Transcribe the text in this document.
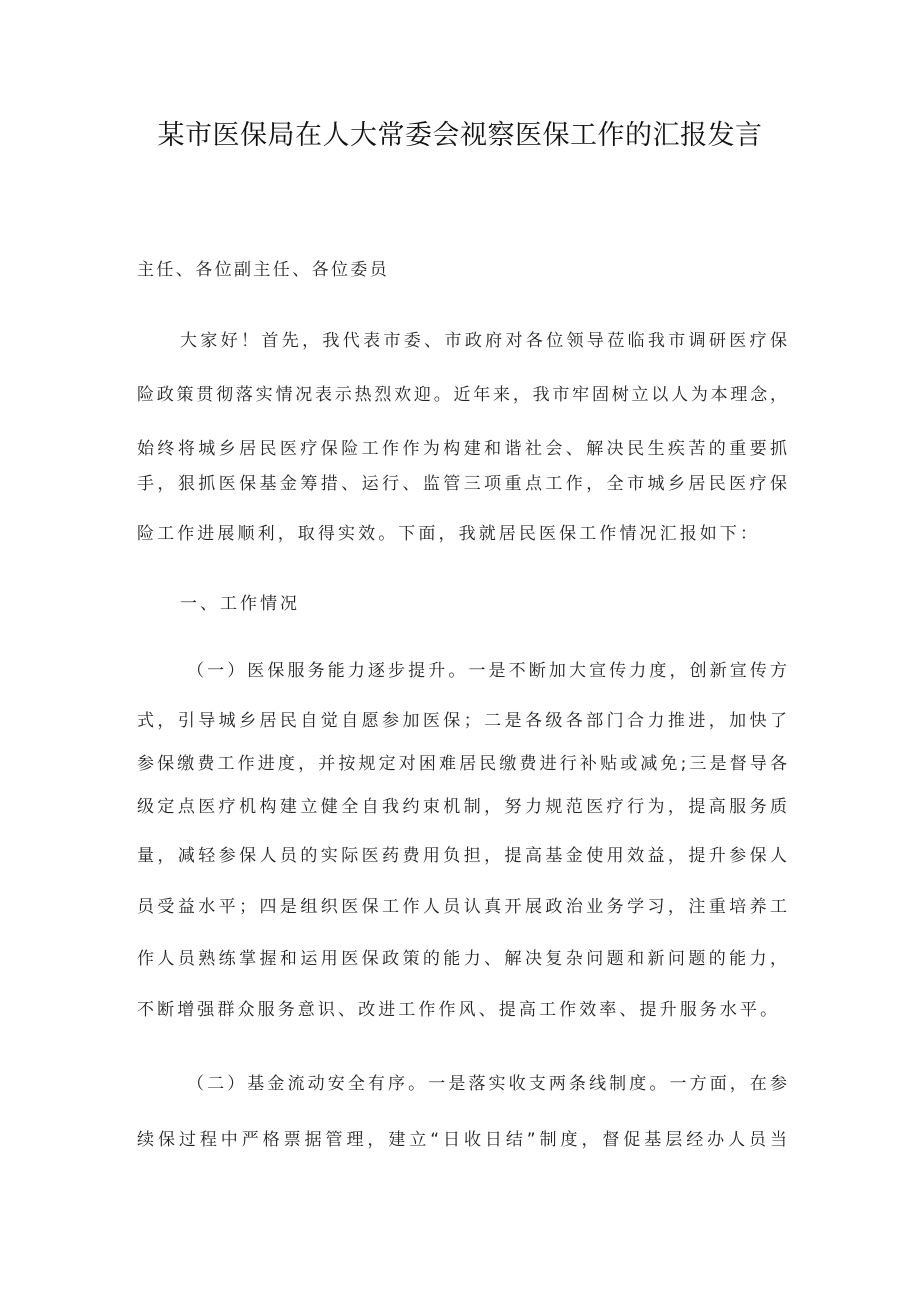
某市医保局在人大常委会视察医保工作的汇报发言
主任、各位副主任、各位委员
大家好！首先，我代表市委、市政府对各位领导莅临我市调研医疗保
险政策贯彻落实情况表示热烈欢迎。近年来，我市牢固树立以人为本理念，
始终将城乡居民医疗保险工作作为构建和谐社会、解决民生疾苦的重要抓
手，狠抓医保基金筹措、运行、监管三项重点工作，全市城乡居民医疗保
险工作进展顺利，取得实效。下面，我就居民医保工作情况汇报如下：
一、工作情况
（一）医保服务能力逐步提升。一是不断加大宣传力度，创新宣传方
式，引导城乡居民自觉自愿参加医保；二是各级各部门合力推进，加快了
参保缴费工作进度，并按规定对困难居民缴费进行补贴或减免;三是督导各
级定点医疗机构建立健全自我约束机制，努力规范医疗行为，提高服务质
量，减轻参保人员的实际医药费用负担，提高基金使用效益，提升参保人
员受益水平；四是组织医保工作人员认真开展政治业务学习，注重培养工
作人员熟练掌握和运用医保政策的能力、解决复杂问题和新问题的能力，
不断增强群众服务意识、改进工作作风、提高工作效率、提升服务水平。
（二）基金流动安全有序。一是落实收支两条线制度。一方面，在参
续保过程中严格票据管理，建立“日收日结”制度，督促基层经办人员当
